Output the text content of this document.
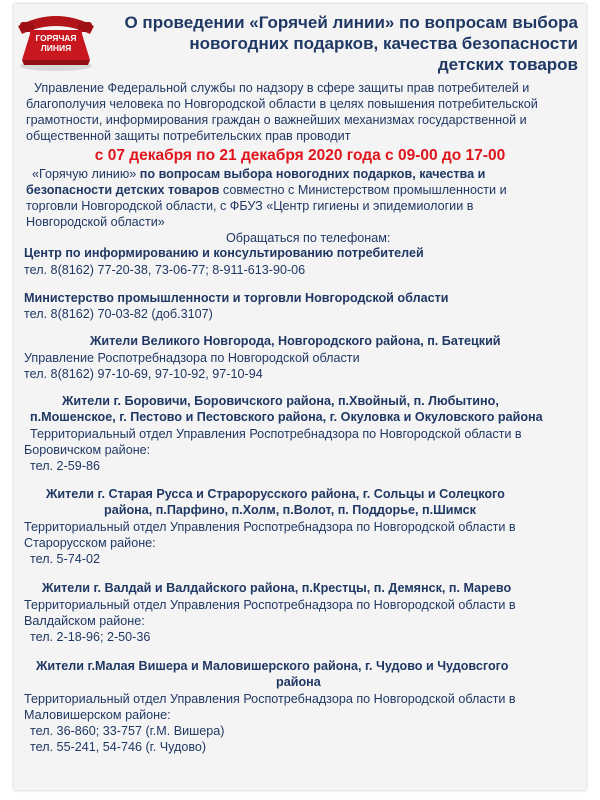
ГОРЯЧАЯ
ЛИНИЯ
О проведении «Горячей линии» по вопросам выбора
новогодних подарков, качества безопасности
детских товаров
Управление Федеральной службы по надзору в сфере защиты прав потребителей и
благополучия человека по Новгородской области в целях повышения потребительской
грамотности, информирования граждан о важнейших механизмах государственной и
общественной защиты потребительских прав проводит
с 07 декабря по 21 декабря 2020 года с 09-00 до 17-00
«Горячую линию» по вопросам выбора новогодних подарков, качества и
безопасности детских товаров совместно с Министерством промышленности и
торговли Новгородской области, с ФБУЗ «Центр гигиены и эпидемиологии в
Новгородской области»
Обращаться по телефонам:
Центр по информированию и консультированию потребителей
тел. 8(8162) 77-20-38, 73-06-77; 8-911-613-90-06
Министерство промышленности и торговли Новгородской области
тел. 8(8162) 70-03-82 (доб.3107)
Жители Великого Новгорода, Новгородского района, п. Батецкий
Управление Роспотребнадзора по Новгородской области
тел. 8(8162) 97-10-69, 97-10-92, 97-10-94
Жители г. Боровичи, Боровичского района, п.Хвойный, п. Любытино,
п.Мошенское, г. Пестово и Пестовского района, г. Окуловка и Окуловского района
Территориальный отдел Управления Роспотребнадзора по Новгородской области в
Боровичском районе:
тел. 2-59-86
Жители г. Старая Русса и Страрорусского района, г. Сольцы и Солецкого
района, п.Парфино, п.Холм, п.Волот, п. Поддорье, п.Шимск
Территориальный отдел Управления Роспотребнадзора по Новгородской области в
Старорусском районе:
тел. 5-74-02
Жители г. Валдай и Валдайского района, п.Крестцы, п. Демянск, п. Марево
Территориальный отдел Управления Роспотребнадзора по Новгородской области в
Валдайском районе:
тел. 2-18-96; 2-50-36
Жители г.Малая Вишера и Маловишерского района, г. Чудово и Чудовсгого
района
Территориальный отдел Управления Роспотребнадзора по Новгородской области в
Маловишерском районе:
тел. 36-860; 33-757 (г.М. Вишера)
тел. 55-241, 54-746 (г. Чудово)
